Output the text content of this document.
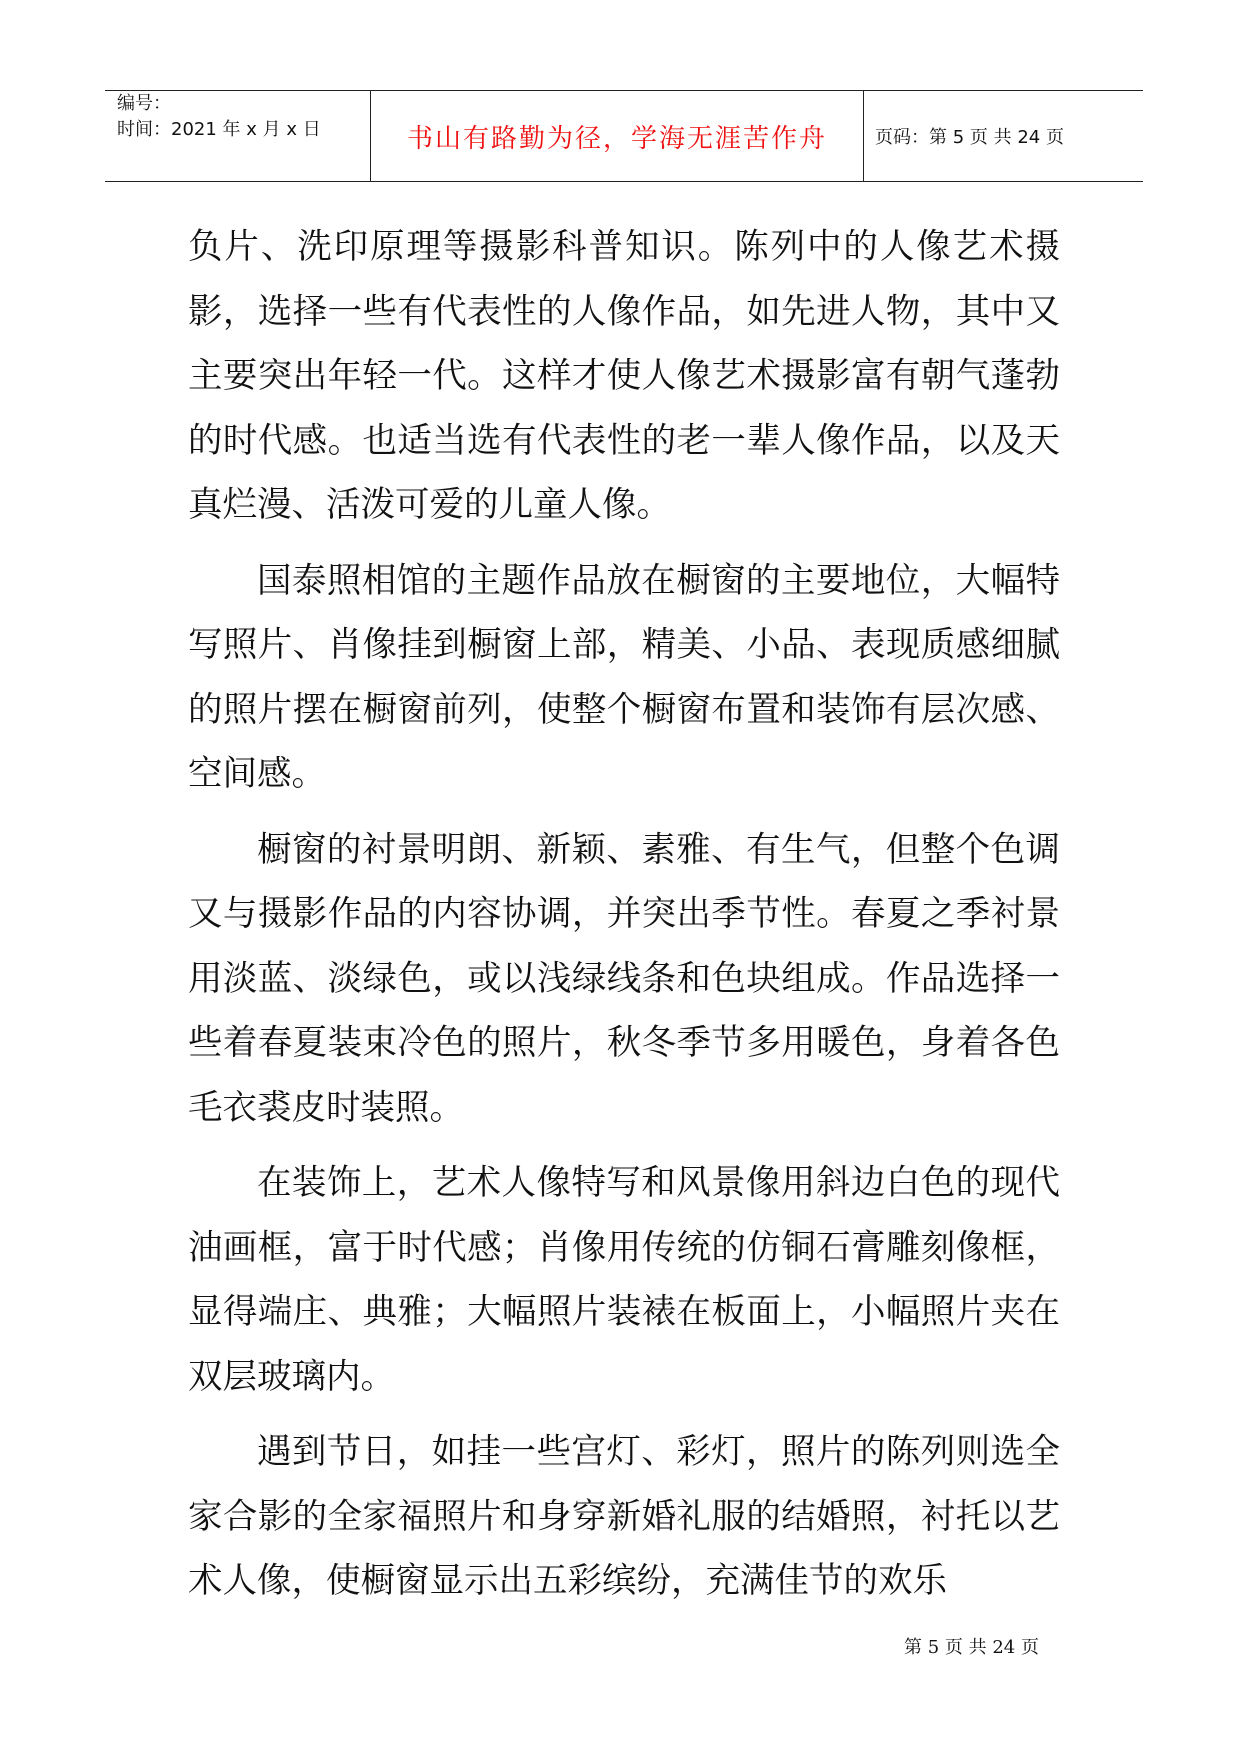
编号：
时间：2021 年 x 月 x 日	书山有路勤为径，学海无涯苦作舟	页码：第 5 页 共 24 页

负片、洗印原理等摄影科普知识。陈列中的人像艺术摄影，选择一些有代表性的人像作品，如先进人物，其中又主要突出年轻一代。这样才使人像艺术摄影富有朝气蓬勃的时代感。也适当选有代表性的老一辈人像作品，以及天真烂漫、活泼可爱的儿童人像。

国泰照相馆的主题作品放在橱窗的主要地位，大幅特写照片、肖像挂到橱窗上部，精美、小品、表现质感细腻的照片摆在橱窗前列，使整个橱窗布置和装饰有层次感、空间感。

橱窗的衬景明朗、新颖、素雅、有生气，但整个色调又与摄影作品的内容协调，并突出季节性。春夏之季衬景用淡蓝、淡绿色，或以浅绿线条和色块组成。作品选择一些着春夏装束冷色的照片，秋冬季节多用暖色，身着各色毛衣裘皮时装照。

在装饰上，艺术人像特写和风景像用斜边白色的现代油画框，富于时代感；肖像用传统的仿铜石膏雕刻像框，显得端庄、典雅；大幅照片装裱在板面上，小幅照片夹在双层玻璃内。

遇到节日，如挂一些宫灯、彩灯，照片的陈列则选全家合影的全家福照片和身穿新婚礼服的结婚照，衬托以艺术人像，使橱窗显示出五彩缤纷，充满佳节的欢乐

第 5 页 共 24 页
